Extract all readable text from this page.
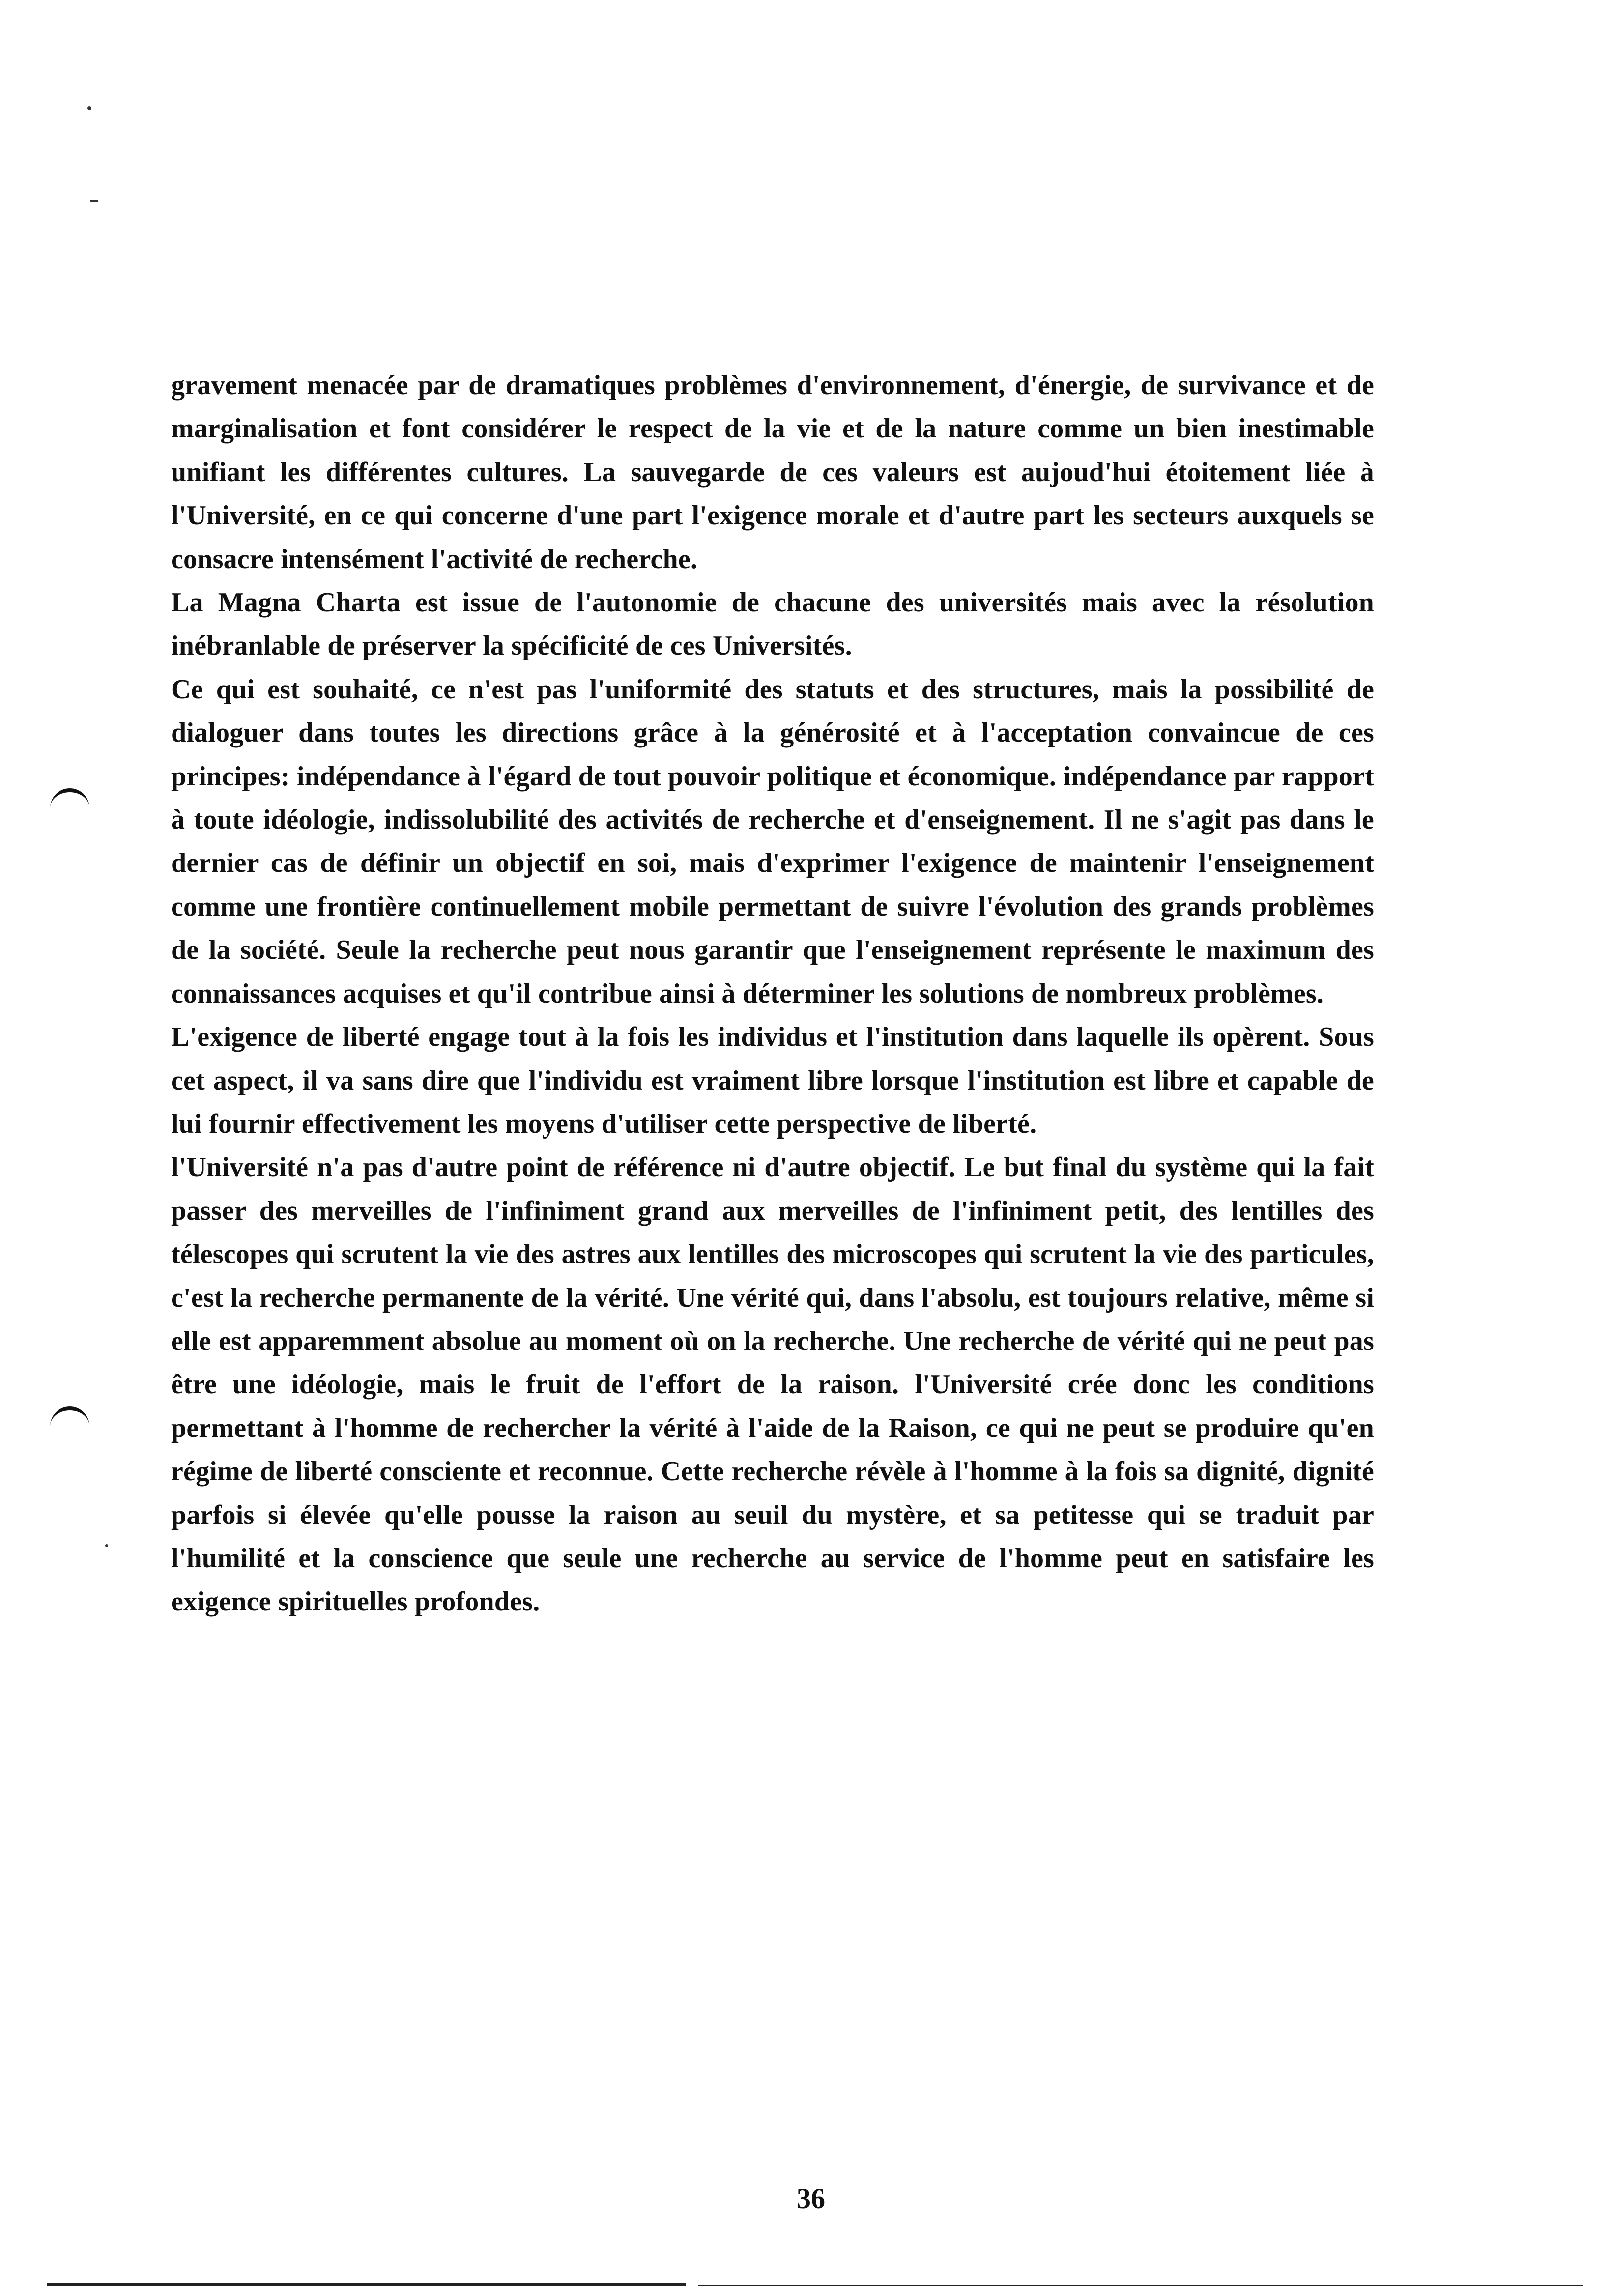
gravement menacée par de dramatiques problèmes d'environnement, d'énergie, de survivance et de marginalisation et font considérer le respect de la vie et de la nature comme un bien inestimable unifiant les différentes cultures. La sauvegarde de ces valeurs est aujoud'hui étoitement liée à l'Université, en ce qui concerne d'une part l'exigence morale et d'autre part les secteurs auxquels se consacre intensément l'activité de recherche.

La Magna Charta est issue de l'autonomie de chacune des universités mais avec la résolution inébranlable de préserver la spécificité de ces Universités.

Ce qui est souhaité, ce n'est pas l'uniformité des statuts et des structures, mais la possibilité de dialoguer dans toutes les directions grâce à la générosité et à l'acceptation convaincue de ces principes: indépendance à l'égard de tout pouvoir politique et économique. indépendance par rapport à toute idéologie, indissolubilité des activités de recherche et d'enseignement. Il ne s'agit pas dans le dernier cas de définir un objectif en soi, mais d'exprimer l'exigence de maintenir l'enseignement comme une frontière continuellement mobile permettant de suivre l'évolution des grands problèmes de la société. Seule la recherche peut nous garantir que l'enseignement représente le maximum des connaissances acquises et qu'il contribue ainsi à déterminer les solutions de nombreux problèmes.

L'exigence de liberté engage tout à la fois les individus et l'institution dans laquelle ils opèrent. Sous cet aspect, il va sans dire que l'individu est vraiment libre lorsque l'institution est libre et capable de lui fournir effectivement les moyens d'utiliser cette perspective de liberté.

l'Université n'a pas d'autre point de référence ni d'autre objectif. Le but final du système qui la fait passer des merveilles de l'infiniment grand aux merveilles de l'infiniment petit, des lentilles des télescopes qui scrutent la vie des astres aux lentilles des microscopes qui scrutent la vie des particules, c'est la recherche permanente de la vérité. Une vérité qui, dans l'absolu, est toujours relative, même si elle est apparemment absolue au moment où on la recherche. Une recherche de vérité qui ne peut pas être une idéologie, mais le fruit de l'effort de la raison. l'Université crée donc les conditions permettant à l'homme de rechercher la vérité à l'aide de la Raison, ce qui ne peut se produire qu'en régime de liberté consciente et reconnue. Cette recherche révèle à l'homme à la fois sa dignité, dignité parfois si élevée qu'elle pousse la raison au seuil du mystère, et sa petitesse qui se traduit par l'humilité et la conscience que seule une recherche au service de l'homme peut en satisfaire les exigence spirituelles profondes.

36
